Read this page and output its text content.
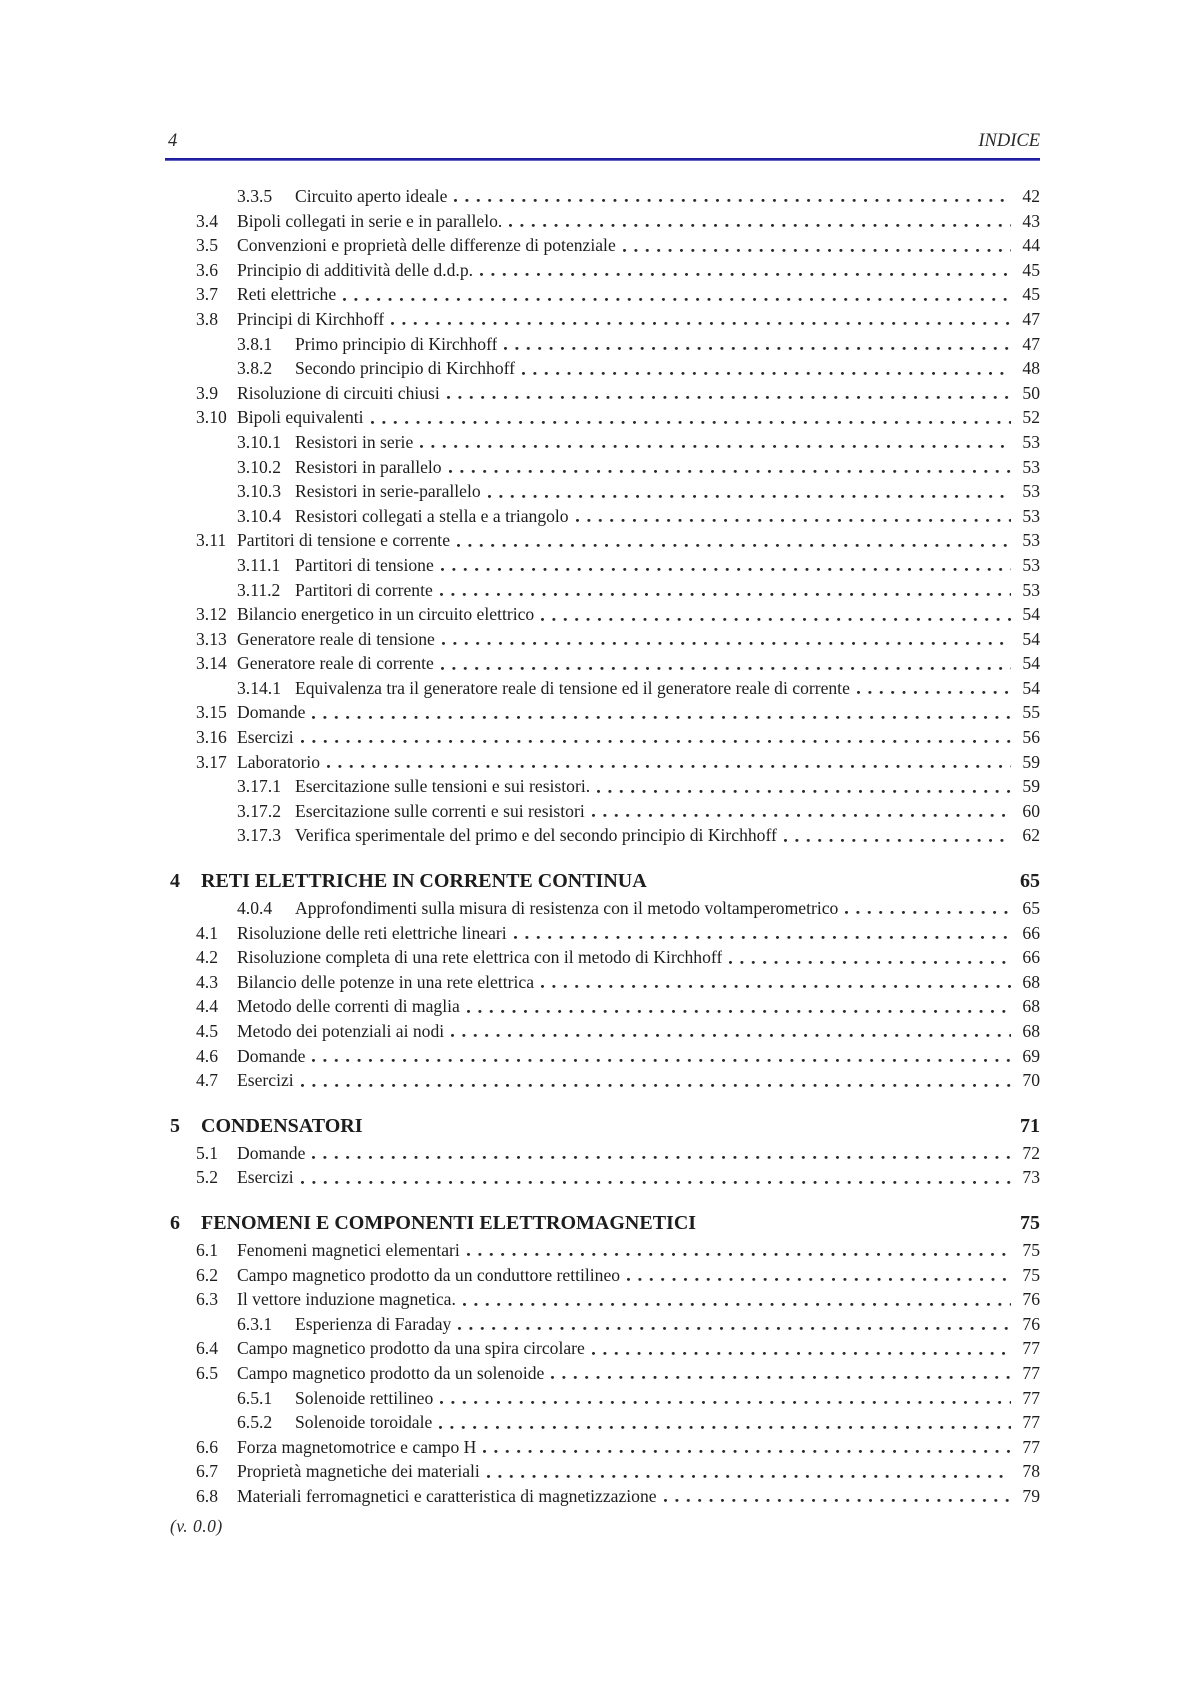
4	INDICE
3.3.5	Circuito aperto ideale	42
3.4	Bipoli collegati in serie e in parallelo.	43
3.5	Convenzioni e proprietà delle differenze di potenziale	44
3.6	Principio di additività delle d.d.p.	45
3.7	Reti elettriche	45
3.8	Principi di Kirchhoff	47
3.8.1	Primo principio di Kirchhoff	47
3.8.2	Secondo principio di Kirchhoff	48
3.9	Risoluzione di circuiti chiusi	50
3.10 Bipoli equivalenti	52
3.10.1 Resistori in serie	53
3.10.2 Resistori in parallelo	53
3.10.3 Resistori in serie-parallelo	53
3.10.4 Resistori collegati a stella e a triangolo	53
3.11 Partitori di tensione e corrente	53
3.11.1 Partitori di tensione	53
3.11.2 Partitori di corrente	53
3.12 Bilancio energetico in un circuito elettrico	54
3.13 Generatore reale di tensione	54
3.14 Generatore reale di corrente	54
3.14.1 Equivalenza tra il generatore reale di tensione ed il generatore reale di corrente	54
3.15 Domande	55
3.16 Esercizi	56
3.17 Laboratorio	59
3.17.1 Esercitazione sulle tensioni e sui resistori.	59
3.17.2 Esercitazione sulle correnti e sui resistori	60
3.17.3 Verifica sperimentale del primo e del secondo principio di Kirchhoff	62
4	RETI ELETTRICHE IN CORRENTE CONTINUA	65
4.0.4	Approfondimenti sulla misura di resistenza con il metodo voltamperometrico	65
4.1	Risoluzione delle reti elettriche lineari	66
4.2	Risoluzione completa di una rete elettrica con il metodo di Kirchhoff	66
4.3	Bilancio delle potenze in una rete elettrica	68
4.4	Metodo delle correnti di maglia	68
4.5	Metodo dei potenziali ai nodi	68
4.6	Domande	69
4.7	Esercizi	70
5	CONDENSATORI	71
5.1	Domande	72
5.2	Esercizi	73
6	FENOMENI E COMPONENTI ELETTROMAGNETICI	75
6.1	Fenomeni magnetici elementari	75
6.2	Campo magnetico prodotto da un conduttore rettilineo	75
6.3	Il vettore induzione magnetica.	76
6.3.1	Esperienza di Faraday	76
6.4	Campo magnetico prodotto da una spira circolare	77
6.5	Campo magnetico prodotto da un solenoide	77
6.5.1	Solenoide rettilineo	77
6.5.2	Solenoide toroidale	77
6.6	Forza magnetomotrice e campo H	77
6.7	Proprietà magnetiche dei materiali	78
6.8	Materiali ferromagnetici e caratteristica di magnetizzazione	79
(v. 0.0)
